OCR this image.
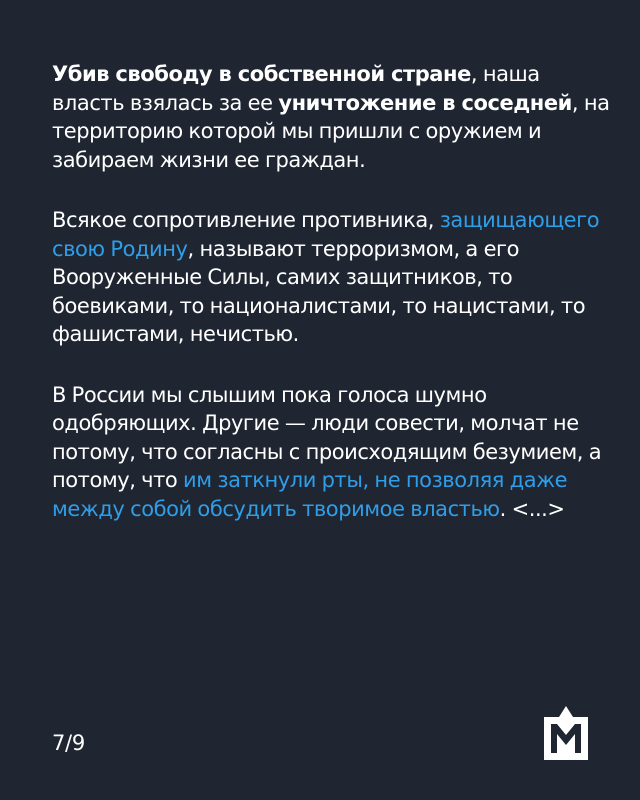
Убив свободу в собственной стране, наша власть взялась за ее уничтожение в соседней, на территорию которой мы пришли с оружием и забираем жизни ее граждан.

Всякое сопротивление противника, защищающего свою Родину, называют терроризмом, а его Вооруженные Силы, самих защитников, то боевиками, то националистами, то нацистами, то фашистами, нечистью.

В России мы слышим пока голоса шумно одобряющих. Другие — люди совести, молчат не потому, что согласны с происходящим безумием, а потому, что им заткнули рты, не позволяя даже между собой обсудить творимое властью. <...>

7/9
